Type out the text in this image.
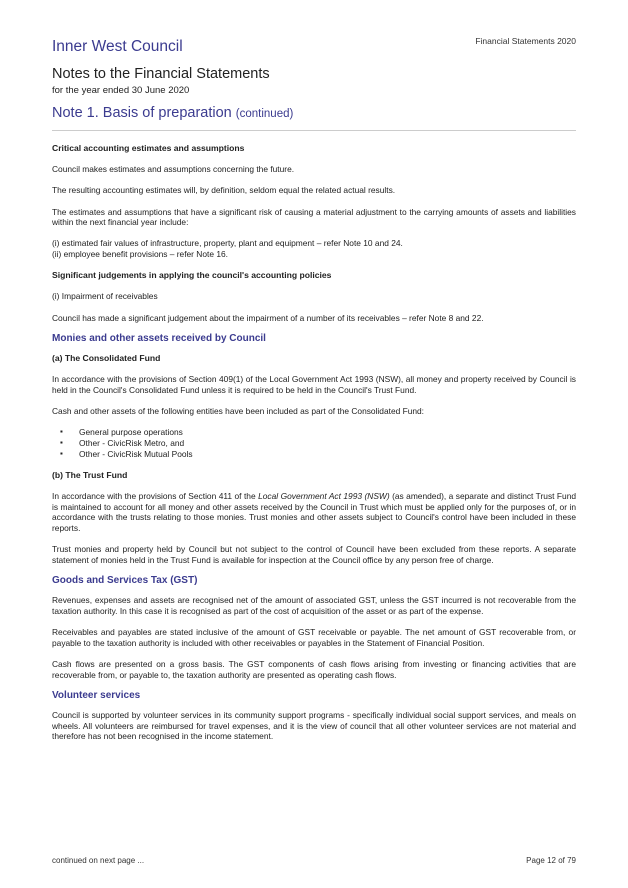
Financial Statements 2020
Inner West Council
Notes to the Financial Statements
for the year ended 30 June 2020
Note 1. Basis of preparation (continued)
Critical accounting estimates and assumptions

Council makes estimates and assumptions concerning the future.

The resulting accounting estimates will, by definition, seldom equal the related actual results.

The estimates and assumptions that have a significant risk of causing a material adjustment to the carrying amounts of assets and liabilities within the next financial year include:

(i) estimated fair values of infrastructure, property, plant and equipment – refer Note 10 and 24.
(ii) employee benefit provisions – refer Note 16.

Significant judgements in applying the council's accounting policies

(i) Impairment of receivables

Council has made a significant judgement about the impairment of a number of its receivables – refer Note 8 and 22.

Monies and other assets received by Council
(a) The Consolidated Fund

In accordance with the provisions of Section 409(1) of the Local Government Act 1993 (NSW), all money and property received by Council is held in the Council's Consolidated Fund unless it is required to be held in the Council's Trust Fund.

Cash and other assets of the following entities have been included as part of the Consolidated Fund:

▪ General purpose operations
▪ Other - CivicRisk Metro, and
▪ Other - CivicRisk Mutual Pools
(b) The Trust Fund

In accordance with the provisions of Section 411 of the Local Government Act 1993 (NSW) (as amended), a separate and distinct Trust Fund is maintained to account for all money and other assets received by the Council in Trust which must be applied only for the purposes of, or in accordance with the trusts relating to those monies. Trust monies and other assets subject to Council's control have been included in these reports.

Trust monies and property held by Council but not subject to the control of Council have been excluded from these reports. A separate statement of monies held in the Trust Fund is available for inspection at the Council office by any person free of charge.

Goods and Services Tax (GST)

Revenues, expenses and assets are recognised net of the amount of associated GST, unless the GST incurred is not recoverable from the taxation authority. In this case it is recognised as part of the cost of acquisition of the asset or as part of the expense.

Receivables and payables are stated inclusive of the amount of GST receivable or payable. The net amount of GST recoverable from, or payable to the taxation authority is included with other receivables or payables in the Statement of Financial Position.

Cash flows are presented on a gross basis. The GST components of cash flows arising from investing or financing activities that are recoverable from, or payable to, the taxation authority are presented as operating cash flows.

Volunteer services

Council is supported by volunteer services in its community support programs - specifically individual social support services, and meals on wheels. All volunteers are reimbursed for travel expenses, and it is the view of council that all other volunteer services are not material and therefore has not been recognised in the income statement.

continued on next page ...	Page 12 of 79
